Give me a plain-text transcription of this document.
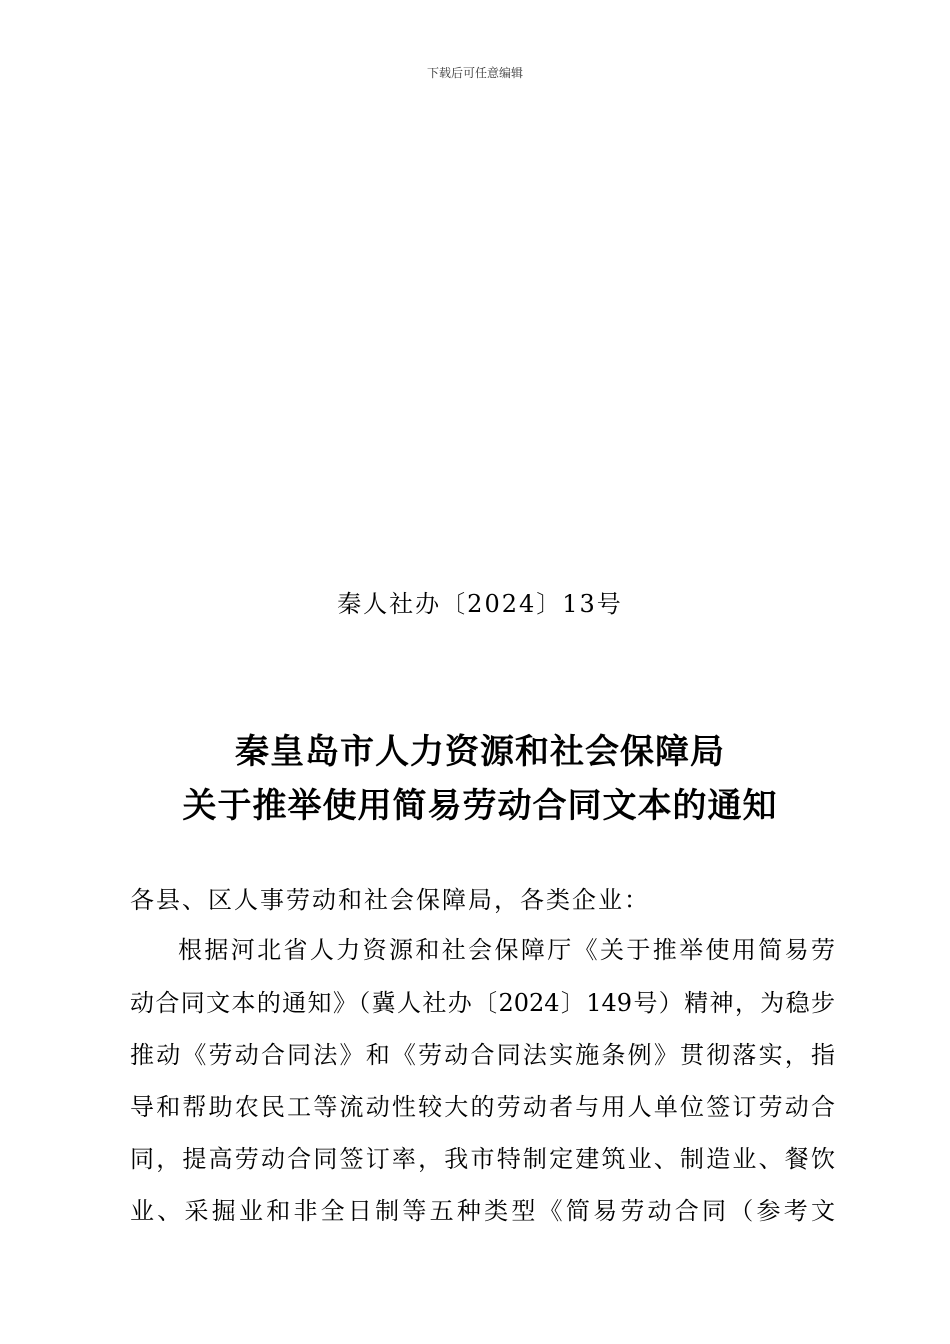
下载后可任意编辑
秦人社办〔2024〕13号
秦皇岛市人力资源和社会保障局
关于推举使用简易劳动合同文本的通知
各县、区人事劳动和社会保障局，各类企业：
根据河北省人力资源和社会保障厅《关于推举使用简易劳
动合同文本的通知》（冀人社办〔2024〕149号）精神，为稳步
推动《劳动合同法》和《劳动合同法实施条例》贯彻落实，指
导和帮助农民工等流动性较大的劳动者与用人单位签订劳动合
同，提高劳动合同签订率，我市特制定建筑业、制造业、餐饮
业、采掘业和非全日制等五种类型《简易劳动合同（参考文
